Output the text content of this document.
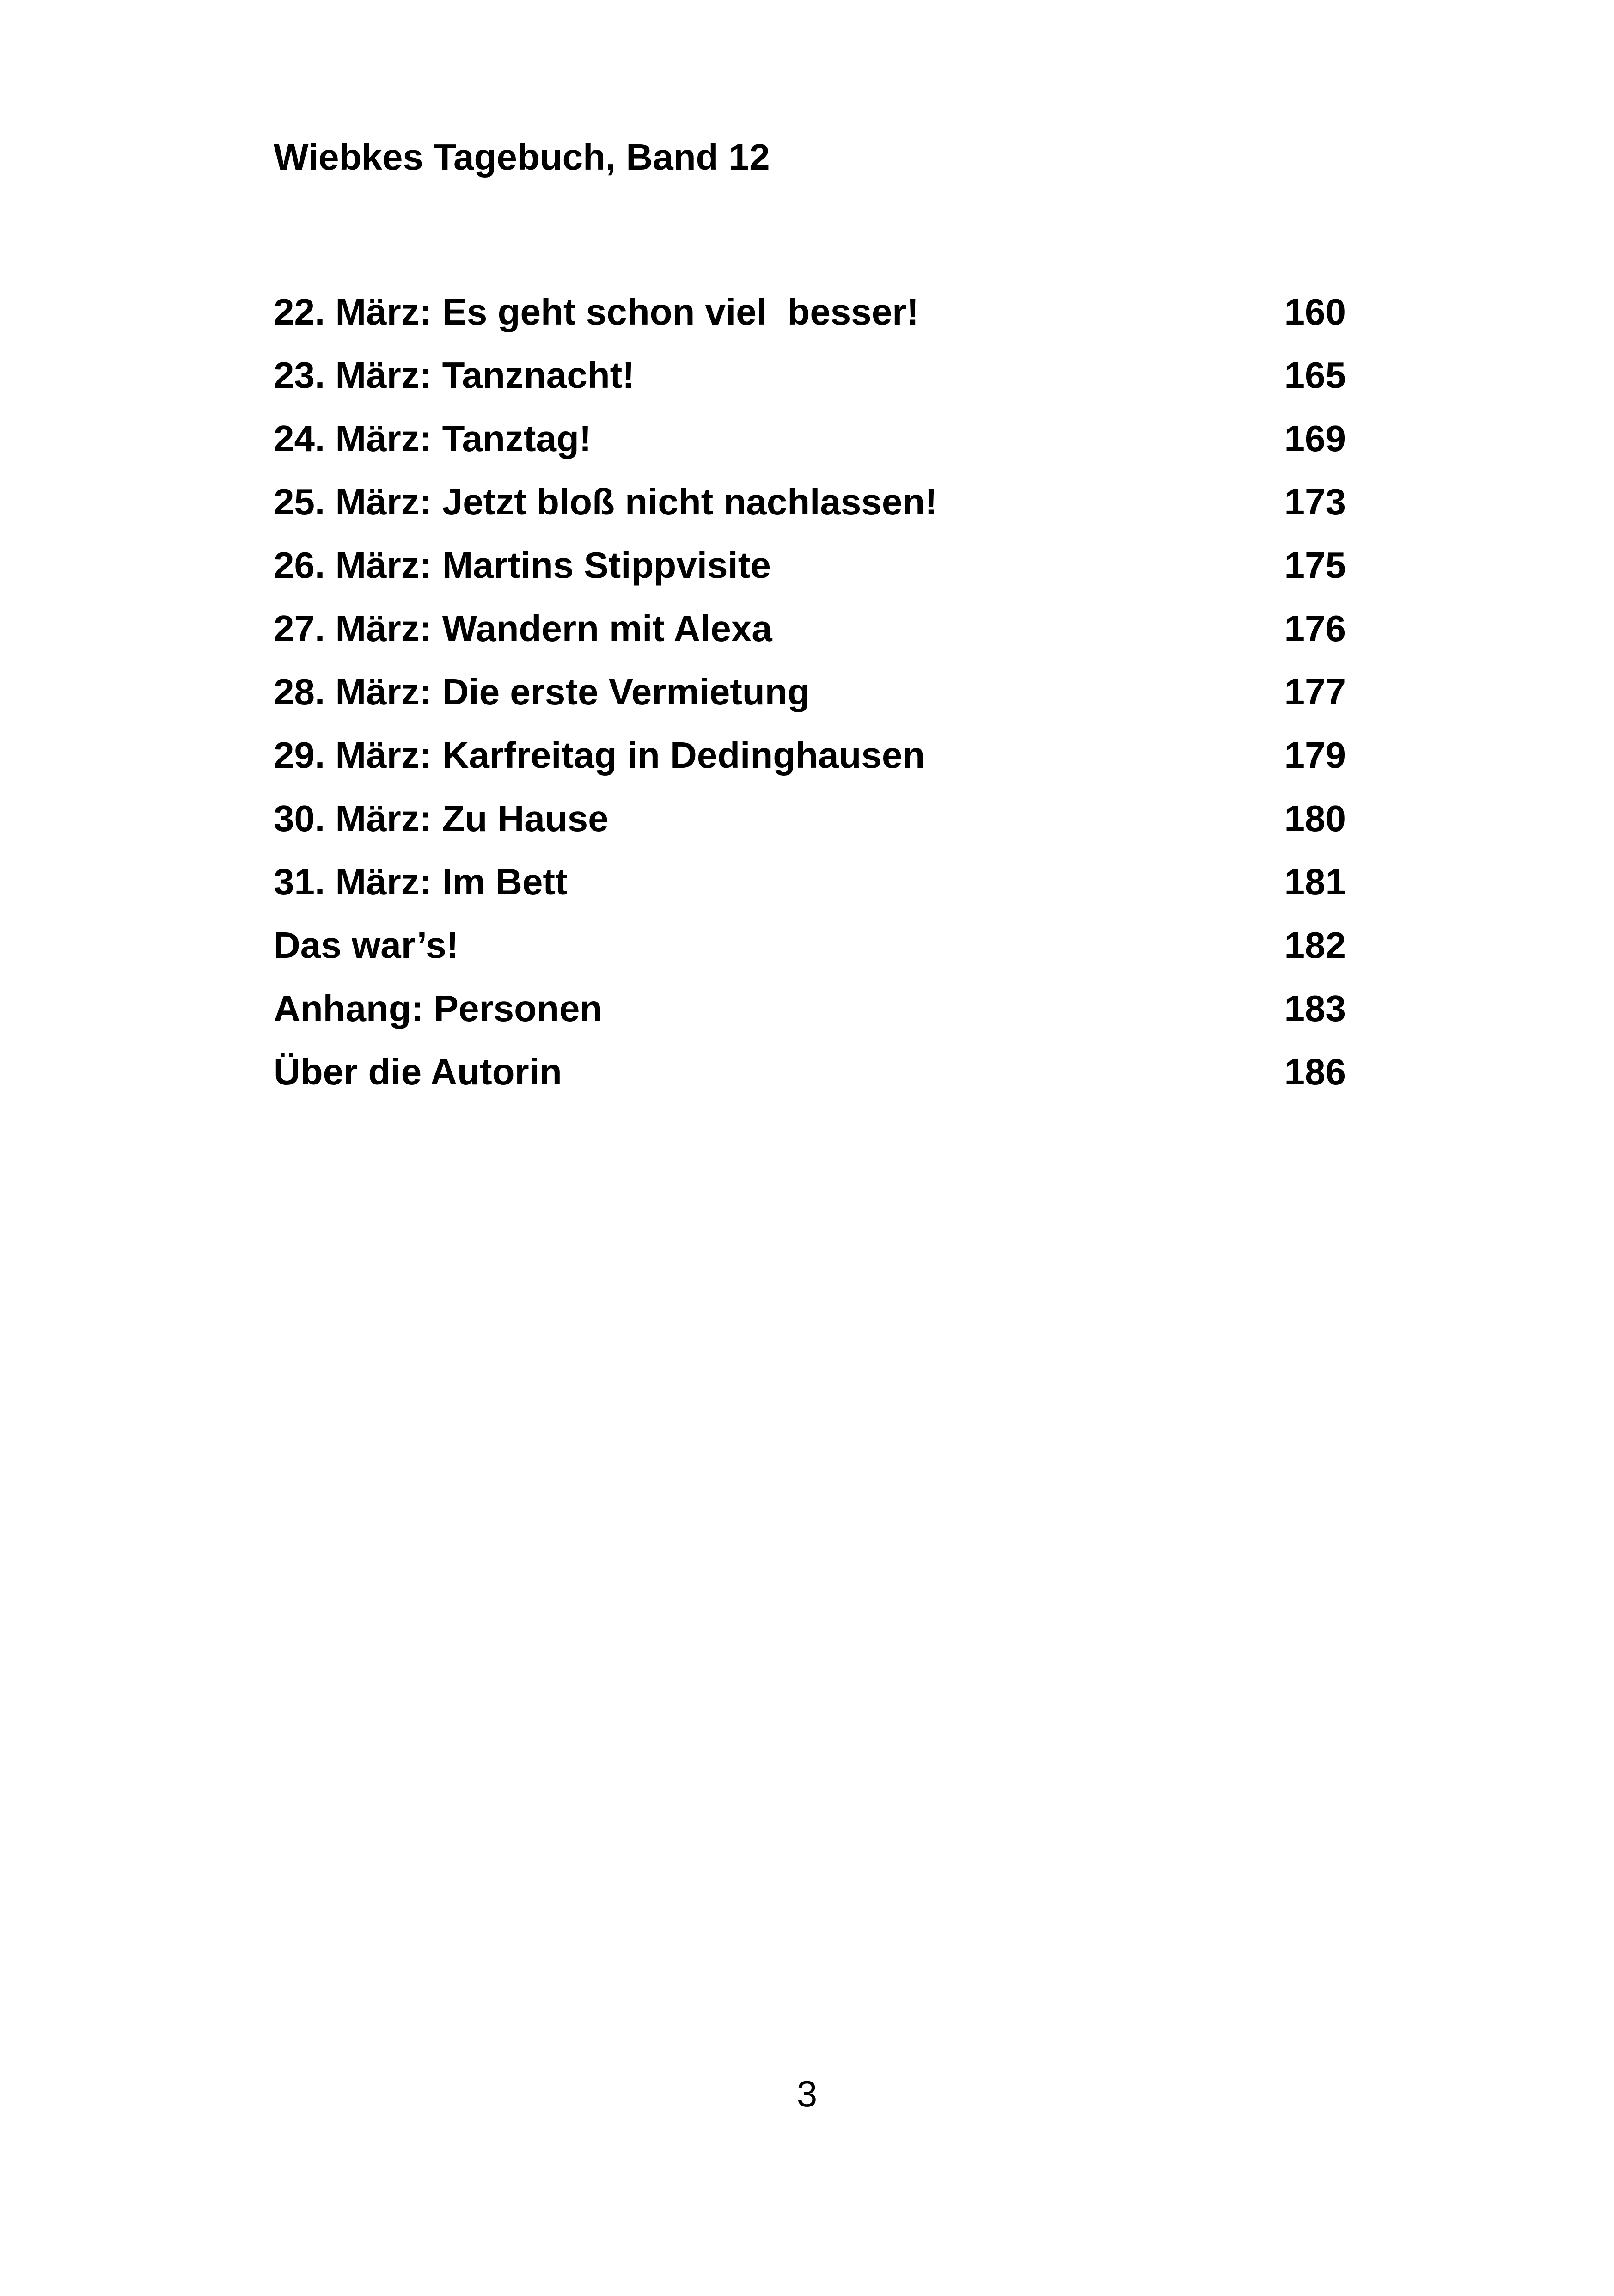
Wiebkes Tagebuch, Band 12
22. März: Es geht schon viel  besser!	160
23. März: Tanznacht!	165
24. März: Tanztag!	169
25. März: Jetzt bloß nicht nachlassen!	173
26. März: Martins Stippvisite	175
27. März: Wandern mit Alexa	176
28. März: Die erste Vermietung	177
29. März: Karfreitag in Dedinghausen	179
30. März: Zu Hause	180
31. März: Im Bett	181
Das war’s!	182
Anhang: Personen	183
Über die Autorin	186
3
